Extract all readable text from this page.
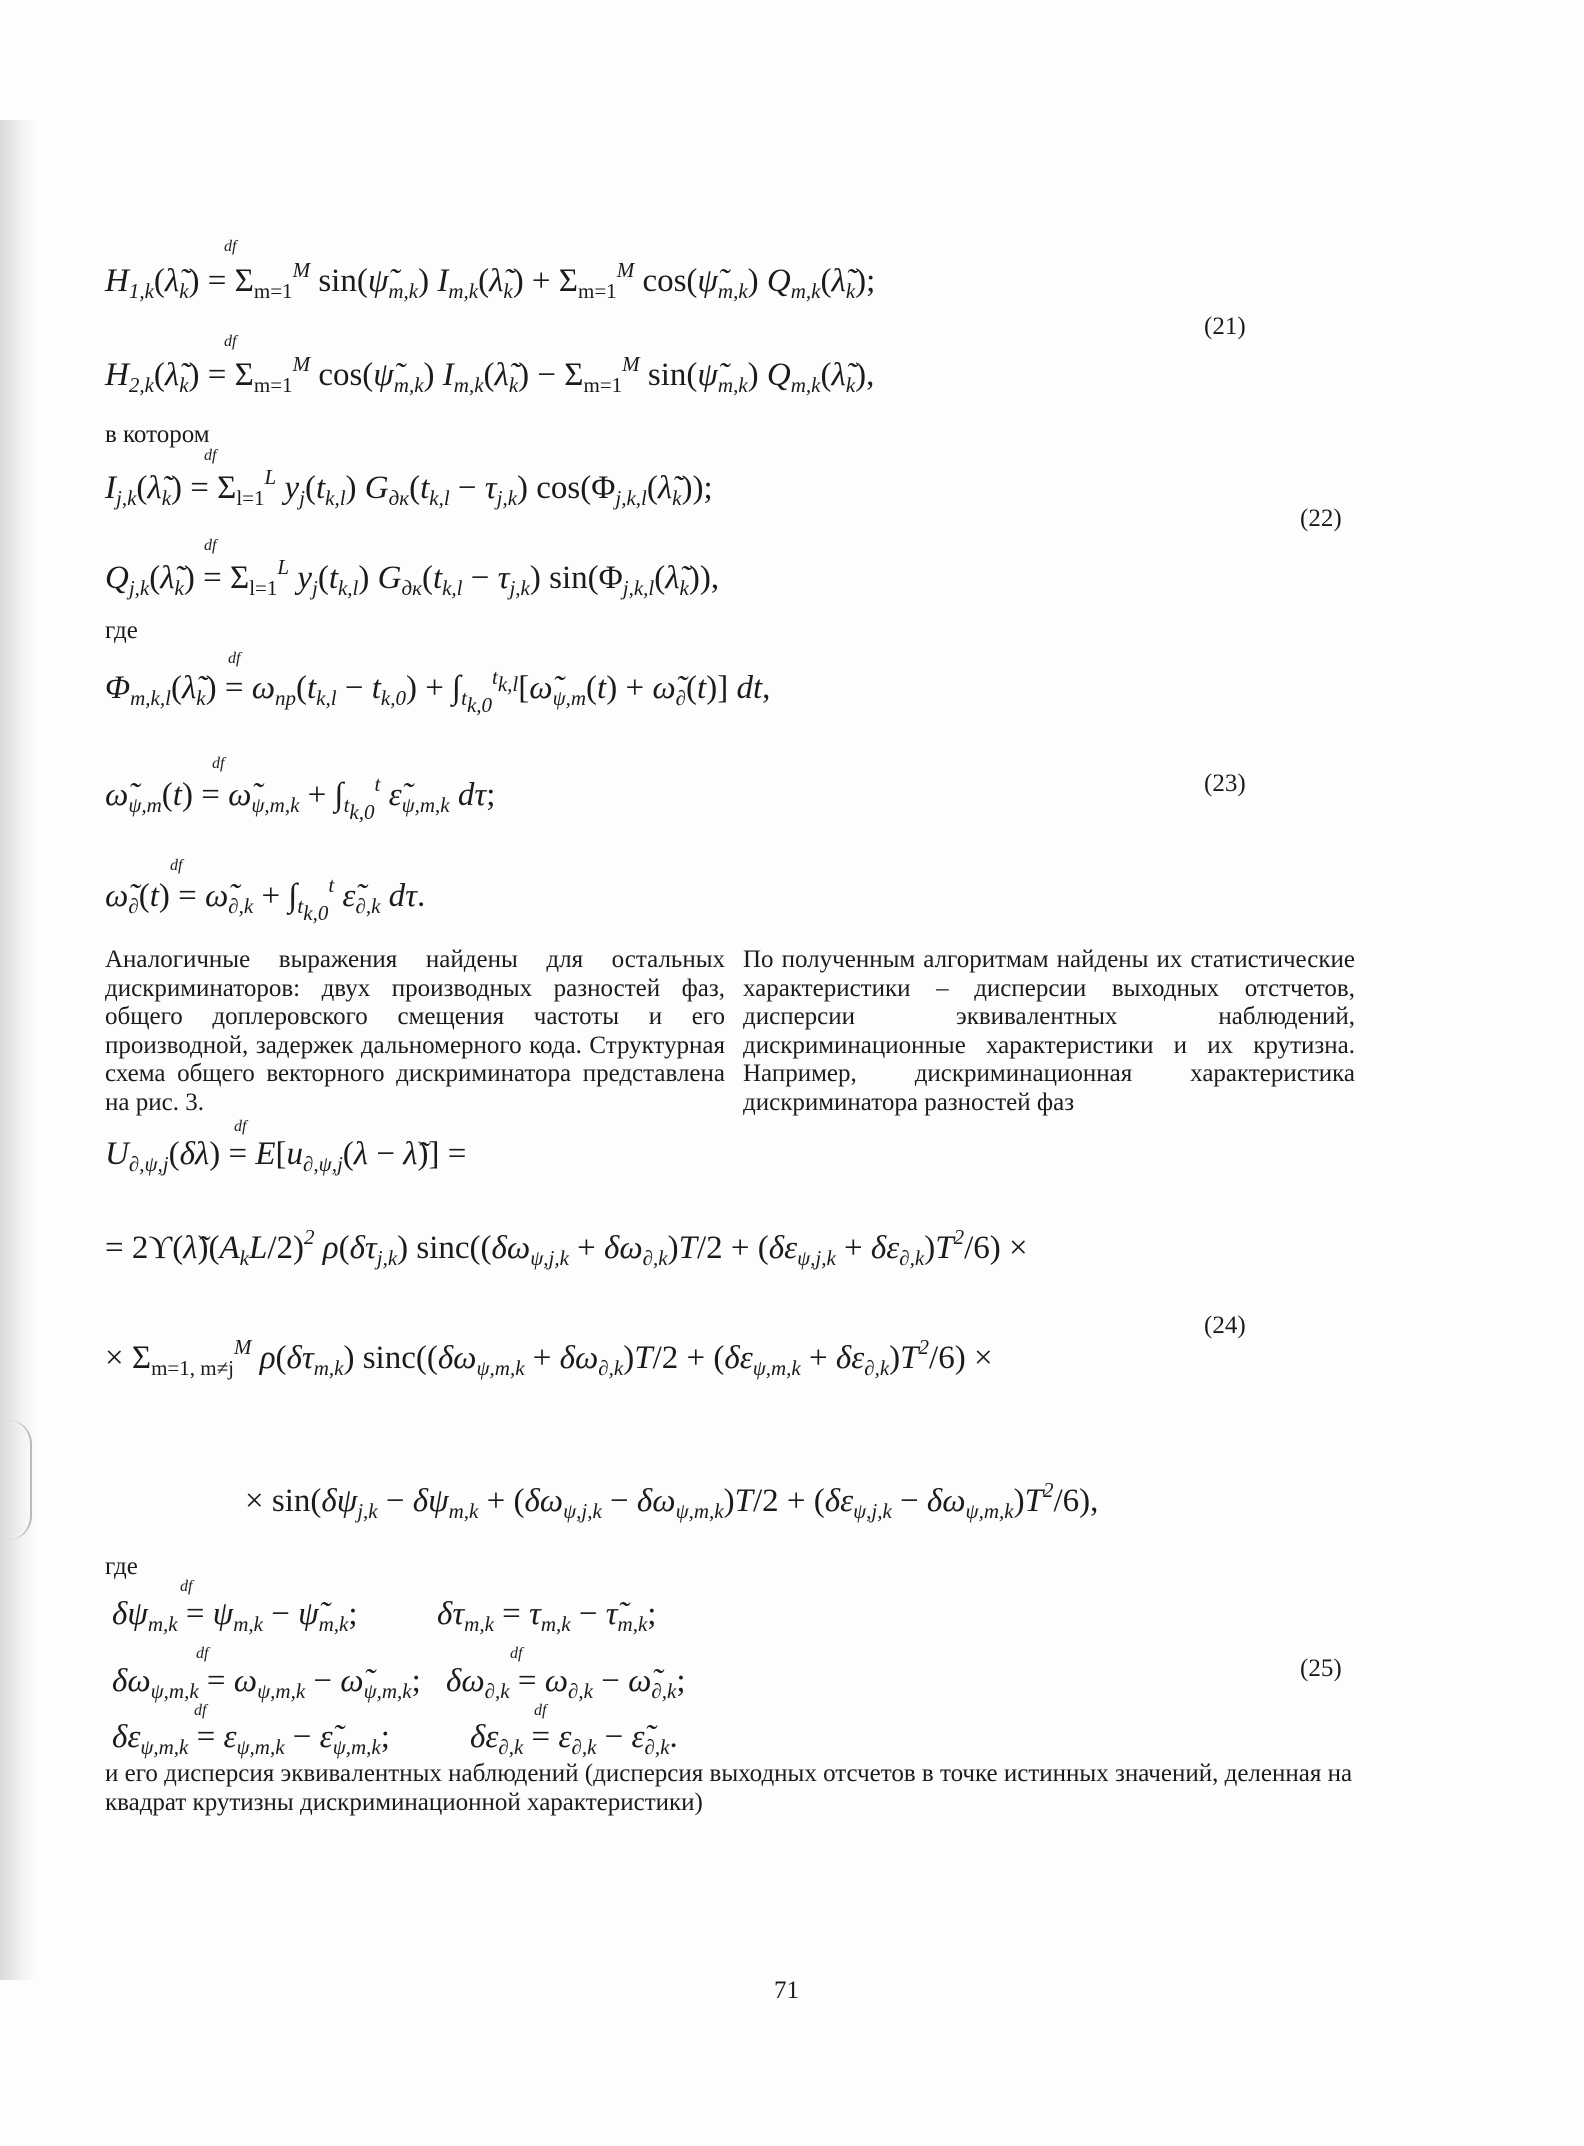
$H_{1,k}(\lambdã_k) = \Sigma_{m=1}^M$ $\sin(\psĩ_{m,k})$ $I_{m,k}(\lambdã_k) + \Sigma_{m=1}^M$ $\cos(\psĩ_{m,k})$ $Q_{m,k}(\lambdã_k)$;
df
$H_{2,k}(\lambdã_k) = \Sigma_{m=1}^M$ $\cos(\psĩ_{m,k})$ $I_{m,k}(\lambdã_k) - \Sigma_{m=1}^M$ $\sin(\psĩ_{m,k})$ $Q_{m,k}(\lambdã_k)$,
df
(21)
в котором
$I_{j,k}(\lambdã_k) = \Sigma_{l=1}^L$ $y_j(t_{k,l}) G_{дк}(t_{k,l} - \tau_{j,k})$ $\cos(\Phi_{j,k,l}(\lambdã_k))$;
df
$Q_{j,k}(\lambdã_k) = \Sigma_{l=1}^L$ $y_j(t_{k,l}) G_{дк}(t_{k,l} - \tau_{j,k})$ $\sin(\Phi_{j,k,l}(\lambdã_k))$,
df
(22)
где
$\Phi_{m,k,l}(\lambdã_k) = \omega_{пр}(t_{k,l} - t_{k,0})$ + $\int_{t_{k,0}}^{t_{k,l}}[\omegã_{\psi,m}(t)$ + $\omegã_\partial(t)$] dt,
df
$\omegã_{\psi,m}(t)$ = $\omegã_{\psi,m,k} + \int_{t_{k,0}}^t$ $\varepsiloñ_{\psi,m,k}$ dτ;
df
$\omegã_\partial(t)$ = $\omegã_{\partial,k} + \int_{t_{k,0}}^t$ $\varepsiloñ_{\partial,k}$ dτ.
df
(23)
Аналогичные выражения найдены для остальных дискриминаторов: двух производных разностей фаз, общего доплеровского смещения частоты и его производной, задержек дальномерного кода. Структурная схема общего векторного дискриминатора представлена на рис. 3.
По полученным алгоритмам найдены их статистические характеристики – дисперсии выходных отстчетов, дисперсии эквивалентных наблюдений, дискриминационные характеристики и их крутизна. Например, дискриминационная характеристика дискриминатора разностей фаз
$U_{\partial,\psi,j}(\delta\lambda) = E[u_{\partial,\psi,j}(\lambda$ − λ̃)] =
df
= $2ϒ(\lambdã)(A_kL/2)^2$ $\rho(\delta\tau_{j,k}) \sin c((\delta\omega_{\psi,j,k} + \delta\omega_{\partial,k})T/2 + (\delta\varepsilon_{\psi,j,k} + \delta\varepsilon_{\partial,k})T^2/6)$ ×
× $\Sigma_{m=1, m\ne j}^M$ $\rho(\delta\tau_{m,k}) \sin c((\delta\omega_{\psi,m,k} + \delta\omega_{\partial,k})T/2 + (\delta\varepsilon_{\psi,m,k} + \delta\varepsilon_{\partial,k})T^2/6)$ ×
× $\sin(\delta\psi_{j,k} - \delta\psi_{m,k} + (\delta\omega_{\psi,j,k} - \delta\omega_{\psi,m,k})T/2 + (\delta\varepsilon_{\psi,j,k} - \delta\omega_{\psi,m,k})T^2/6)$,
(24)
где
$\delta\psi_{m,k} = \psi_{m,k}$ − $\psĩ_{m,k}$;
df
$\delta\tau_{m,k} = \tau_{m,k}$ − $\taũ_{m,k}$;
$\delta\omega_{\psi,m,k} = \omega_{\psi,m,k}$ − $\omegã_{\psi,m,k}$;
df
$\delta\omega_{\partial,k} = \omega_{\partial,k}$ − $\omegã_{\partial,k}$;
df
$\delta\varepsilon_{\psi,m,k} = \varepsilon_{\psi,m,k}$ − $\varepsiloñ_{\psi,m,k}$;
df
$\delta\varepsilon_{\partial,k} = \varepsilon_{\partial,k}$ − $\varepsiloñ_{\partial,k}$.
df
(25)
и его дисперсия эквивалентных наблюдений (дисперсия выходных отсчетов в точке истинных значений, деленная на квадрат крутизны дискриминационной характеристики)
71
